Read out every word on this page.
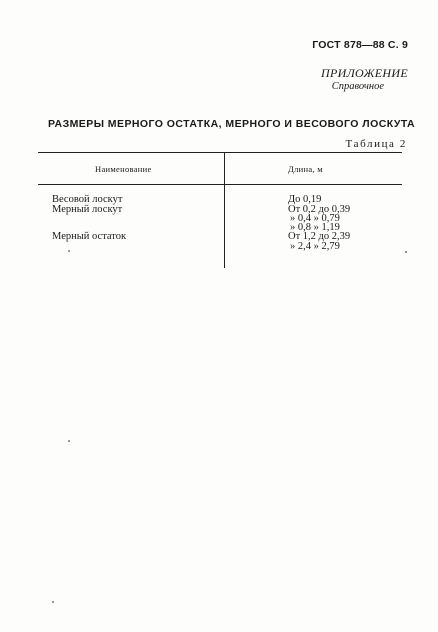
ГОСТ 878—88 С. 9
ПРИЛОЖЕНИЕ
Справочное
РАЗМЕРЫ МЕРНОГО ОСТАТКА, МЕРНОГО И ВЕСОВОГО ЛОСКУТА
Таблица 2
Наименование	Длина, м
Весовой лоскут
Мерный лоскут
Мерный остаток
До 0,19
От 0,2 до 0,39
» 0,4 » 0,79
» 0,8 » 1,19
От 1,2 до 2,39
» 2,4 » 2,79
